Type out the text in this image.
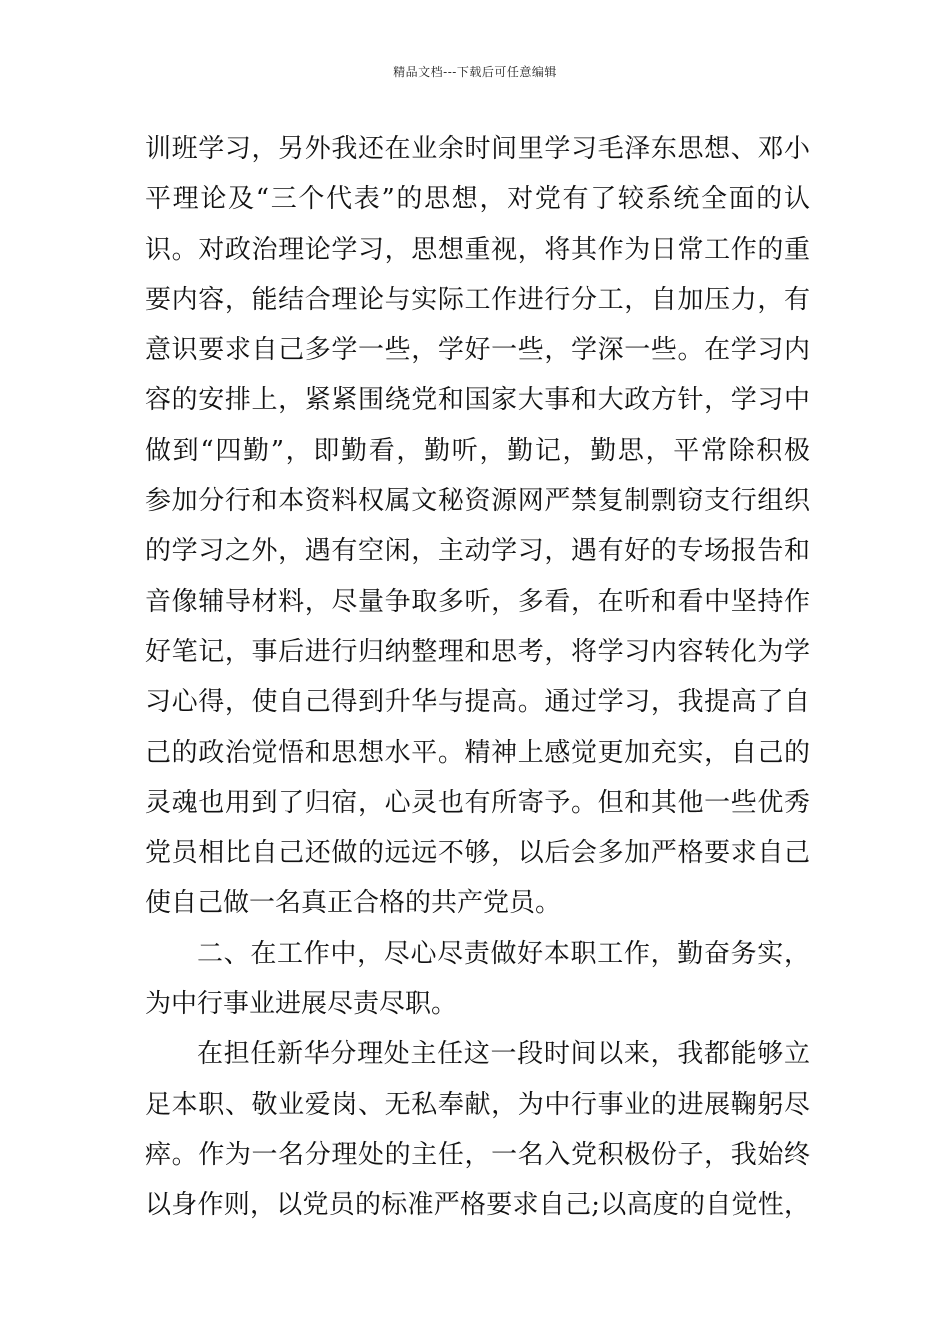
精品文档---下载后可任意编辑
训班学习，另外我还在业余时间里学习毛泽东思想、邓小
平理论及“三个代表”的思想，对党有了较系统全面的认
识。对政治理论学习，思想重视，将其作为日常工作的重
要内容，能结合理论与实际工作进行分工，自加压力，有
意识要求自己多学一些，学好一些，学深一些。在学习内
容的安排上，紧紧围绕党和国家大事和大政方针，学习中
做到“四勤”，即勤看，勤听，勤记，勤思，平常除积极
参加分行和本资料权属文秘资源网严禁复制剽窃支行组织
的学习之外，遇有空闲，主动学习，遇有好的专场报告和
音像辅导材料，尽量争取多听，多看，在听和看中坚持作
好笔记，事后进行归纳整理和思考，将学习内容转化为学
习心得，使自己得到升华与提高。通过学习，我提高了自
己的政治觉悟和思想水平。精神上感觉更加充实，自己的
灵魂也用到了归宿，心灵也有所寄予。但和其他一些优秀
党员相比自己还做的远远不够，以后会多加严格要求自己
使自己做一名真正合格的共产党员。
二、在工作中，尽心尽责做好本职工作，勤奋务实，
为中行事业进展尽责尽职。
在担任新华分理处主任这一段时间以来，我都能够立
足本职、敬业爱岗、无私奉献，为中行事业的进展鞠躬尽
瘁。作为一名分理处的主任，一名入党积极份子，我始终
以身作则，以党员的标准严格要求自己;以高度的自觉性，
